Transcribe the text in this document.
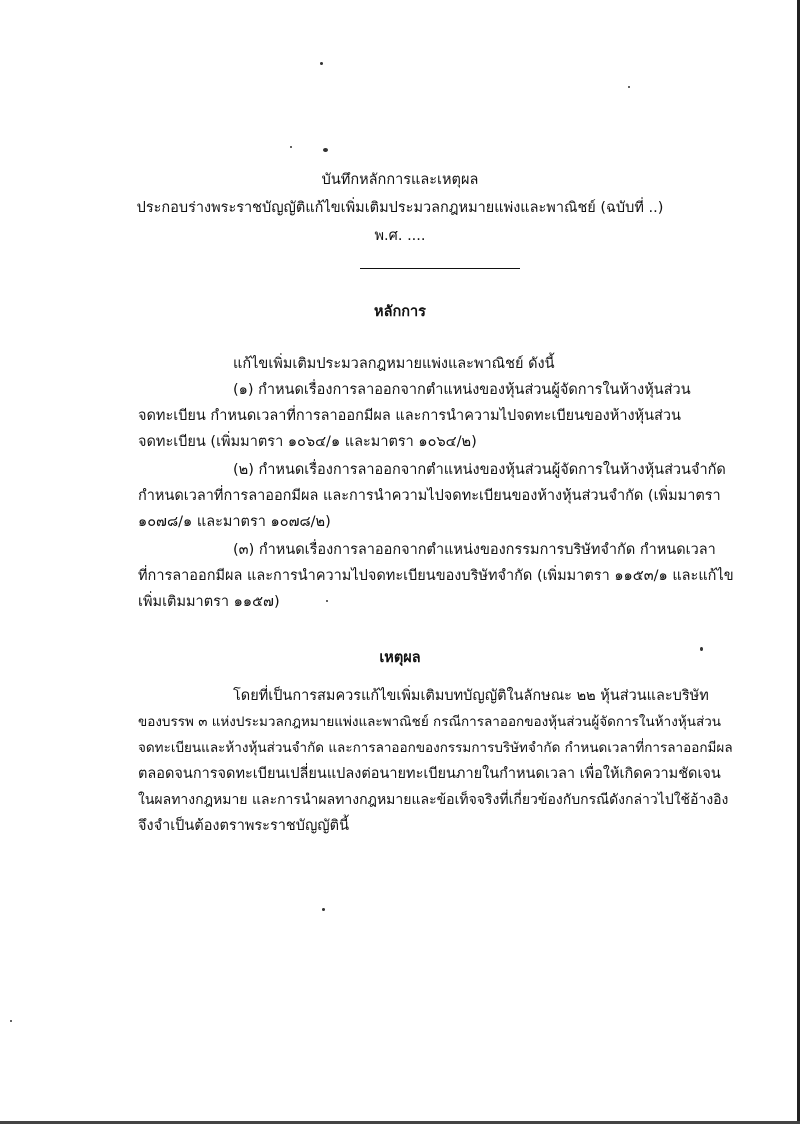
บันทึกหลักการและเหตุผล
ประกอบร่างพระราชบัญญัติแก้ไขเพิ่มเติมประมวลกฎหมายแพ่งและพาณิชย์ (ฉบับที่ ..)
พ.ศ. ....
หลักการ
แก้ไขเพิ่มเติมประมวลกฎหมายแพ่งและพาณิชย์ ดังนี้
(๑) กำหนดเรื่องการลาออกจากตำแหน่งของหุ้นส่วนผู้จัดการในห้างหุ้นส่วน
จดทะเบียน กำหนดเวลาที่การลาออกมีผล และการนำความไปจดทะเบียนของห้างหุ้นส่วน
จดทะเบียน (เพิ่มมาตรา ๑๐๖๔/๑ และมาตรา ๑๐๖๔/๒)
(๒) กำหนดเรื่องการลาออกจากตำแหน่งของหุ้นส่วนผู้จัดการในห้างหุ้นส่วนจำกัด
กำหนดเวลาที่การลาออกมีผล และการนำความไปจดทะเบียนของห้างหุ้นส่วนจำกัด (เพิ่มมาตรา
๑๐๗๘/๑ และมาตรา ๑๐๗๘/๒)
(๓) กำหนดเรื่องการลาออกจากตำแหน่งของกรรมการบริษัทจำกัด กำหนดเวลา
ที่การลาออกมีผล และการนำความไปจดทะเบียนของบริษัทจำกัด (เพิ่มมาตรา ๑๑๕๓/๑ และแก้ไข
เพิ่มเติมมาตรา ๑๑๕๗)
เหตุผล
โดยที่เป็นการสมควรแก้ไขเพิ่มเติมบทบัญญัติในลักษณะ ๒๒ หุ้นส่วนและบริษัท
ของบรรพ ๓ แห่งประมวลกฎหมายแพ่งและพาณิชย์ กรณีการลาออกของหุ้นส่วนผู้จัดการในห้างหุ้นส่วน
จดทะเบียนและห้างหุ้นส่วนจำกัด และการลาออกของกรรมการบริษัทจำกัด กำหนดเวลาที่การลาออกมีผล
ตลอดจนการจดทะเบียนเปลี่ยนแปลงต่อนายทะเบียนภายในกำหนดเวลา เพื่อให้เกิดความชัดเจน
ในผลทางกฎหมาย และการนำผลทางกฎหมายและข้อเท็จจริงที่เกี่ยวข้องกับกรณีดังกล่าวไปใช้อ้างอิง
จึงจำเป็นต้องตราพระราชบัญญัตินี้
